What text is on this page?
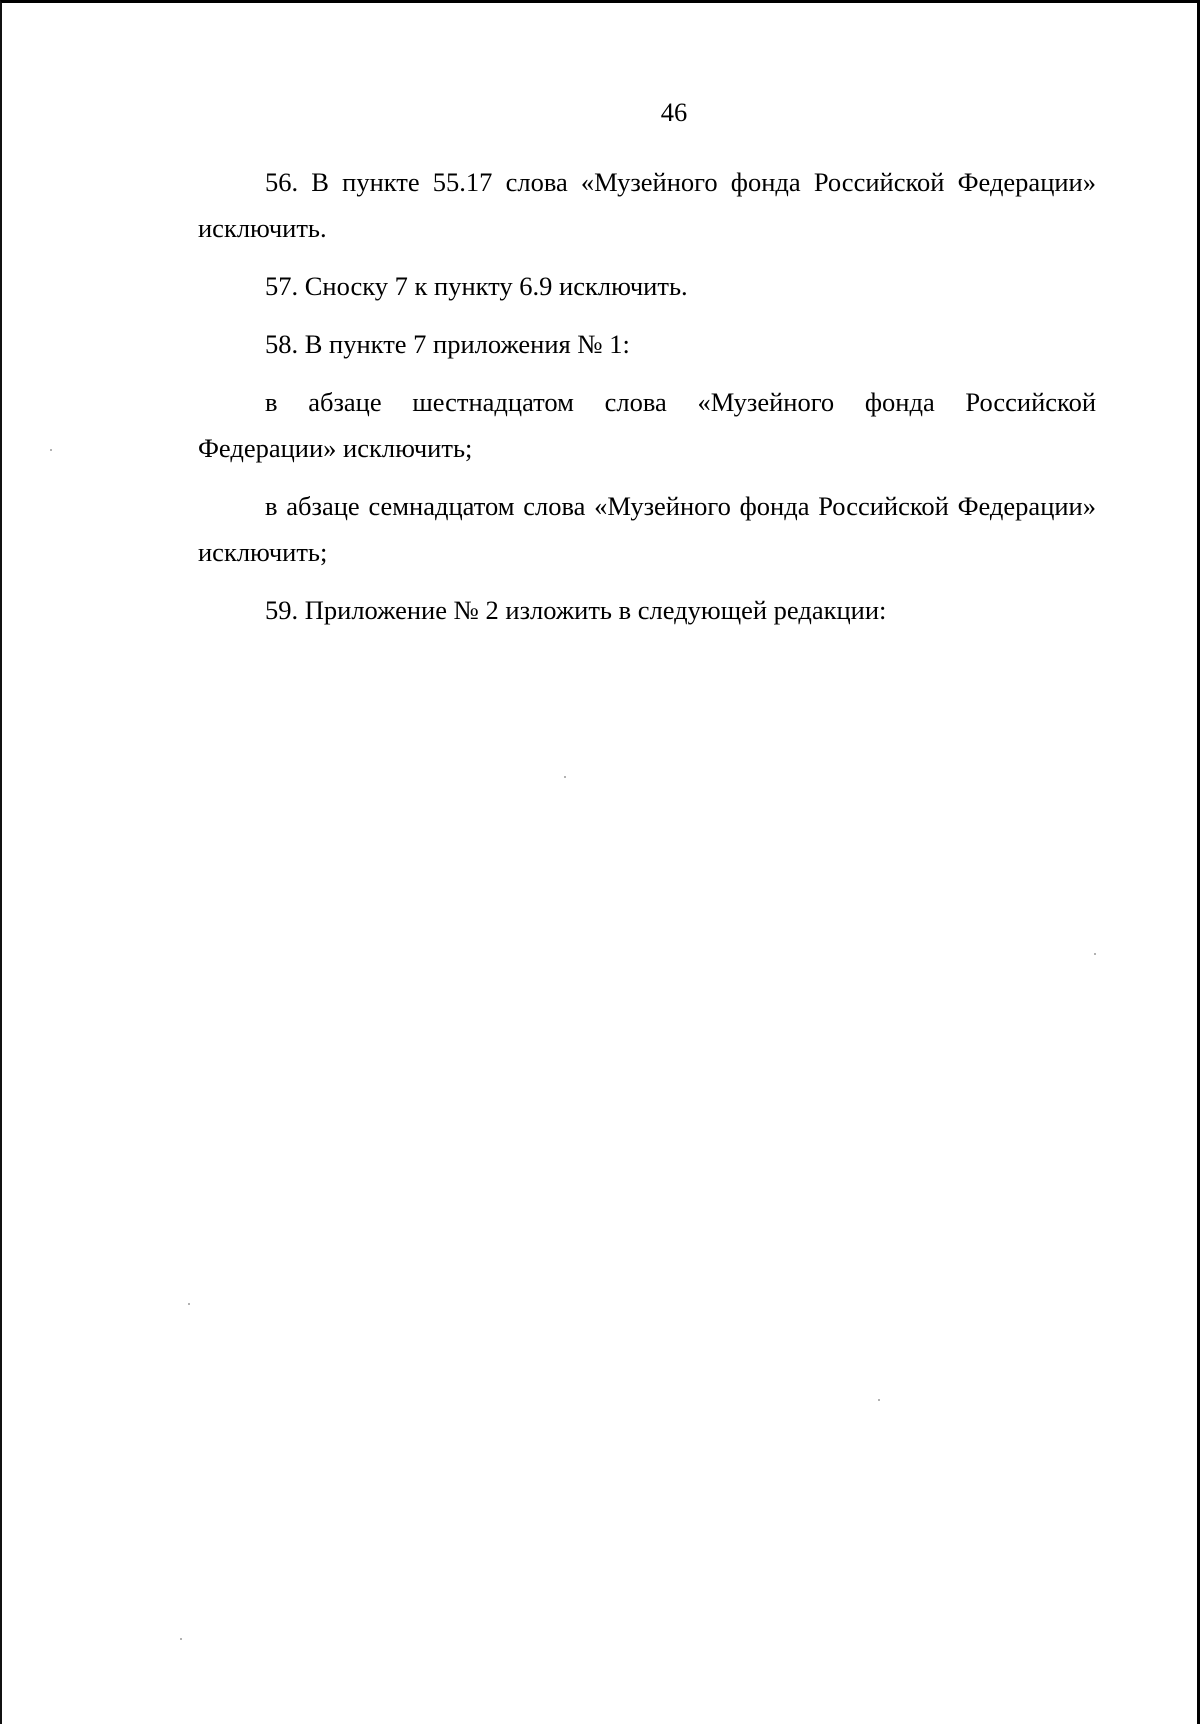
46

56. В пункте 55.17 слова «Музейного фонда Российской Федерации» исключить.

57. Сноску 7 к пункту 6.9 исключить.

58. В пункте 7 приложения № 1:

в абзаце шестнадцатом слова «Музейного фонда Российской Федерации» исключить;

в абзаце семнадцатом слова «Музейного фонда Российской Федерации» исключить;

59. Приложение № 2 изложить в следующей редакции:
